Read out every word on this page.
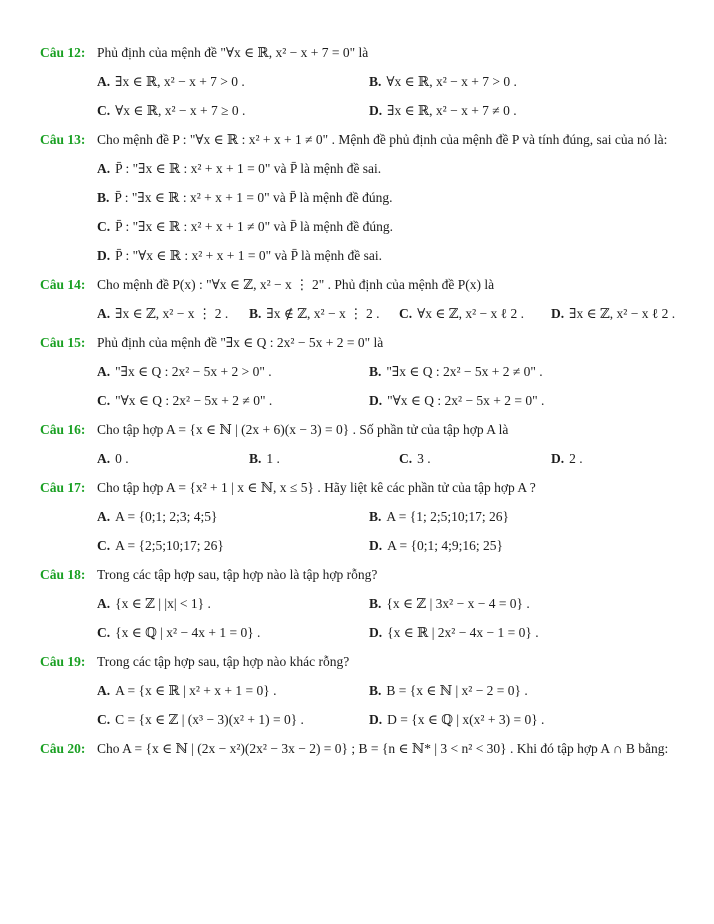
Câu 12: Phủ định của mệnh đề "∀x ∈ ℝ, x² − x + 7 = 0" là
A. ∃x ∈ ℝ, x² − x + 7 > 0 .	B. ∀x ∈ ℝ, x² − x + 7 > 0 .
C. ∀x ∈ ℝ, x² − x + 7 ≥ 0 .	D. ∃x ∈ ℝ, x² − x + 7 ≠ 0 .
Câu 13: Cho mệnh đề P : "∀x ∈ ℝ : x² + x + 1 ≠ 0" . Mệnh đề phủ định của mệnh đề P và tính đúng, sai của nó là:
A. P̄ : "∃x ∈ ℝ : x² + x + 1 = 0" và P̄ là mệnh đề sai.
B. P̄ : "∃x ∈ ℝ : x² + x + 1 = 0" và P̄ là mệnh đề đúng.
C. P̄ : "∃x ∈ ℝ : x² + x + 1 ≠ 0" và P̄ là mệnh đề đúng.
D. P̄ : "∀x ∈ ℝ : x² + x + 1 = 0" và P̄ là mệnh đề sai.
Câu 14: Cho mệnh đề P(x) : "∀x ∈ ℤ, x² − x ⋮ 2" . Phủ định của mệnh đề P(x) là
A. ∃x ∈ ℤ, x² − x ⋮ 2 .	B. ∃x ∉ ℤ, x² − x ⋮ 2 .	C. ∀x ∈ ℤ, x² − x ℓ 2 .	D. ∃x ∈ ℤ, x² − x ℓ 2 .
Câu 15: Phủ định của mệnh đề "∃x ∈ Q : 2x² − 5x + 2 = 0" là
A. "∃x ∈ Q : 2x² − 5x + 2 > 0" .	B. "∃x ∈ Q : 2x² − 5x + 2 ≠ 0" .
C. "∀x ∈ Q : 2x² − 5x + 2 ≠ 0" .	D. "∀x ∈ Q : 2x² − 5x + 2 = 0" .
Câu 16: Cho tập hợp A = {x ∈ ℕ | (2x + 6)(x − 3) = 0} . Số phần tử của tập hợp A là
A. 0 .	B. 1 .	C. 3 .	D. 2 .
Câu 17: Cho tập hợp A = {x² + 1 | x ∈ ℕ, x ≤ 5} . Hãy liệt kê các phần tử của tập hợp A ?
A. A = {0;1; 2;3; 4;5}	B. A = {1; 2;5;10;17; 26}
C. A = {2;5;10;17; 26}	D. A = {0;1; 4;9;16; 25}
Câu 18: Trong các tập hợp sau, tập hợp nào là tập hợp rỗng?
A. {x ∈ ℤ | |x| < 1} .	B. {x ∈ ℤ | 3x² − x − 4 = 0} .
C. {x ∈ ℚ | x² − 4x + 1 = 0} .	D. {x ∈ ℝ | 2x² − 4x − 1 = 0} .
Câu 19: Trong các tập hợp sau, tập hợp nào khác rỗng?
A. A = {x ∈ ℝ | x² + x + 1 = 0} .	B. B = {x ∈ ℕ | x² − 2 = 0} .
C. C = {x ∈ ℤ | (x³ − 3)(x² + 1) = 0} .	D. D = {x ∈ ℚ | x(x² + 3) = 0} .
Câu 20: Cho A = {x ∈ ℕ | (2x − x²)(2x² − 3x − 2) = 0} ; B = {n ∈ ℕ* | 3 < n² < 30} . Khi đó tập hợp A ∩ B bằng:
